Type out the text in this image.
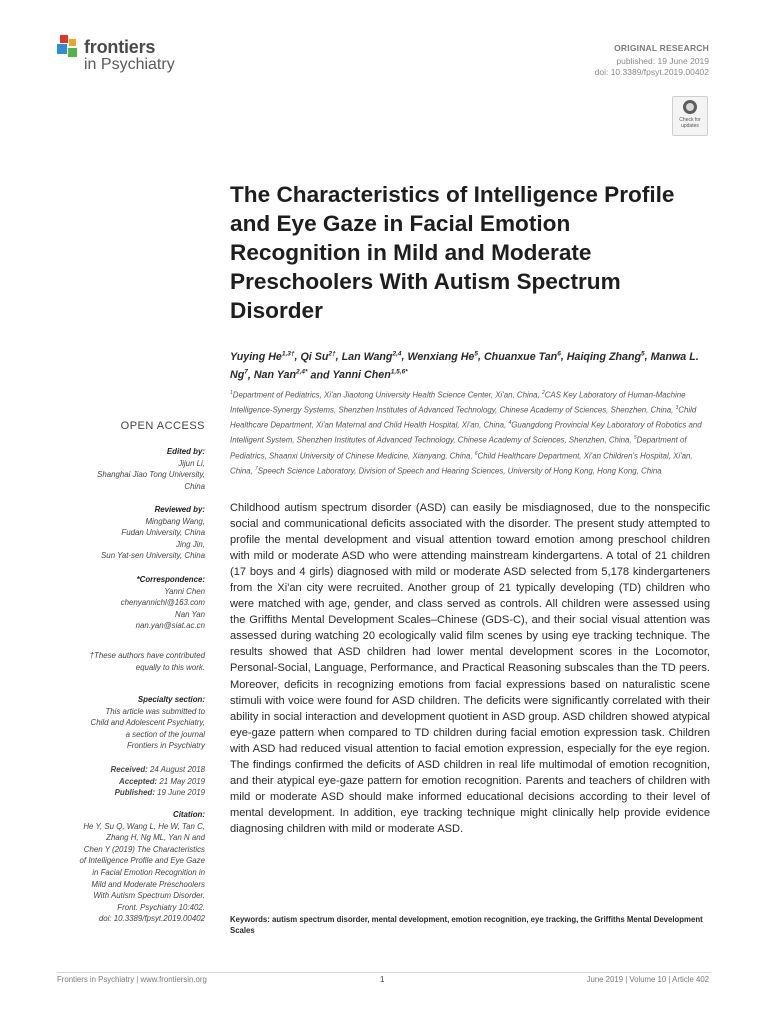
frontiers
in Psychiatry
ORIGINAL RESEARCH
published: 19 June 2019
doi: 10.3389/fpsyt.2019.00402
Check for updates
The Characteristics of Intelligence Profile and Eye Gaze in Facial Emotion Recognition in Mild and Moderate Preschoolers With Autism Spectrum Disorder
Yuying $He^{1,3\dagger}$, Qi $Su^{2\dagger}$, Lan Wang$^{2,4}$, Wenxiang He$^5$, Chuanxue Tan$^6$, Haiqing Zhang$^5$, Manwa L. Ng$^7$, Nan Yan$^{2,4*}$ and Yanni Chen$^{1,5,6*}$
$^1$Department of Pediatrics, Xi'an Jiaotong University Health Science Center, Xi'an, China, $^2$CAS Key Laboratory of Human-Machine Intelligence-Synergy Systems, Shenzhen Institutes of Advanced Technology, Chinese Academy of Sciences, Shenzhen, China, $^3$Child Healthcare Department, Xi'an Maternal and Child Health Hospital, Xi'an, China, $^4$Guangdong Provincial Key Laboratory of Robotics and Intelligent System, Shenzhen Institutes of Advanced Technology, Chinese Academy of Sciences, Shenzhen, China, $^5$Department of Pediatrics, Shaanxi University of Chinese Medicine, Xianyang, China, $^6$Child Healthcare Department, Xi'an Children's Hospital, Xi'an, China, $^7$Speech Science Laboratory, Division of Speech and Hearing Sciences, University of Hong Kong, Hong Kong, China
OPEN ACCESS
Edited by:
Jijun Li,
Shanghai Jiao Tong University,
China
Reviewed by:
Mingbang Wang,
Fudan University, China
Jing Jin,
Sun Yat-sen University, China
*Correspondence:
Yanni Chen
chenyannichl@163.com
Nan Yan
nan.yan@siat.ac.cn
†These authors have contributed
equally to this work.
Specialty section:
This article was submitted to
Child and Adolescent Psychiatry,
a section of the journal
Frontiers in Psychiatry
Received: 24 August 2018
Accepted: 21 May 2019
Published: 19 June 2019
Citation:
He Y, Su Q, Wang L, He W, Tan C,
Zhang H, Ng ML, Yan N and
Chen Y (2019) The Characteristics
of Intelligence Profile and Eye Gaze
in Facial Emotion Recognition in
Mild and Moderate Preschoolers
With Autism Spectrum Disorder.
Front. Psychiatry 10:402.
doi: 10.3389/fpsyt.2019.00402
Childhood autism spectrum disorder (ASD) can easily be misdiagnosed, due to the nonspecific social and communicational deficits associated with the disorder. The present study attempted to profile the mental development and visual attention toward emotion among preschool children with mild or moderate ASD who were attending mainstream kindergartens. A total of 21 children (17 boys and 4 girls) diagnosed with mild or moderate ASD selected from 5,178 kindergarteners from the Xi'an city were recruited. Another group of 21 typically developing (TD) children who were matched with age, gender, and class served as controls. All children were assessed using the Griffiths Mental Development Scales–Chinese (GDS-C), and their social visual attention was assessed during watching 20 ecologically valid film scenes by using eye tracking technique. The results showed that ASD children had lower mental development scores in the Locomotor, Personal-Social, Language, Performance, and Practical Reasoning subscales than the TD peers. Moreover, deficits in recognizing emotions from facial expressions based on naturalistic scene stimuli with voice were found for ASD children. The deficits were significantly correlated with their ability in social interaction and development quotient in ASD group. ASD children showed atypical eye-gaze pattern when compared to TD children during facial emotion expression task. Children with ASD had reduced visual attention to facial emotion expression, especially for the eye region. The findings confirmed the deficits of ASD children in real life multimodal of emotion recognition, and their atypical eye-gaze pattern for emotion recognition. Parents and teachers of children with mild or moderate ASD should make informed educational decisions according to their level of mental development. In addition, eye tracking technique might clinically help provide evidence diagnosing children with mild or moderate ASD.
Keywords: autism spectrum disorder, mental development, emotion recognition, eye tracking, the Griffiths Mental Development Scales
Frontiers in Psychiatry | www.frontiersin.org	1	June 2019 | Volume 10 | Article 402
